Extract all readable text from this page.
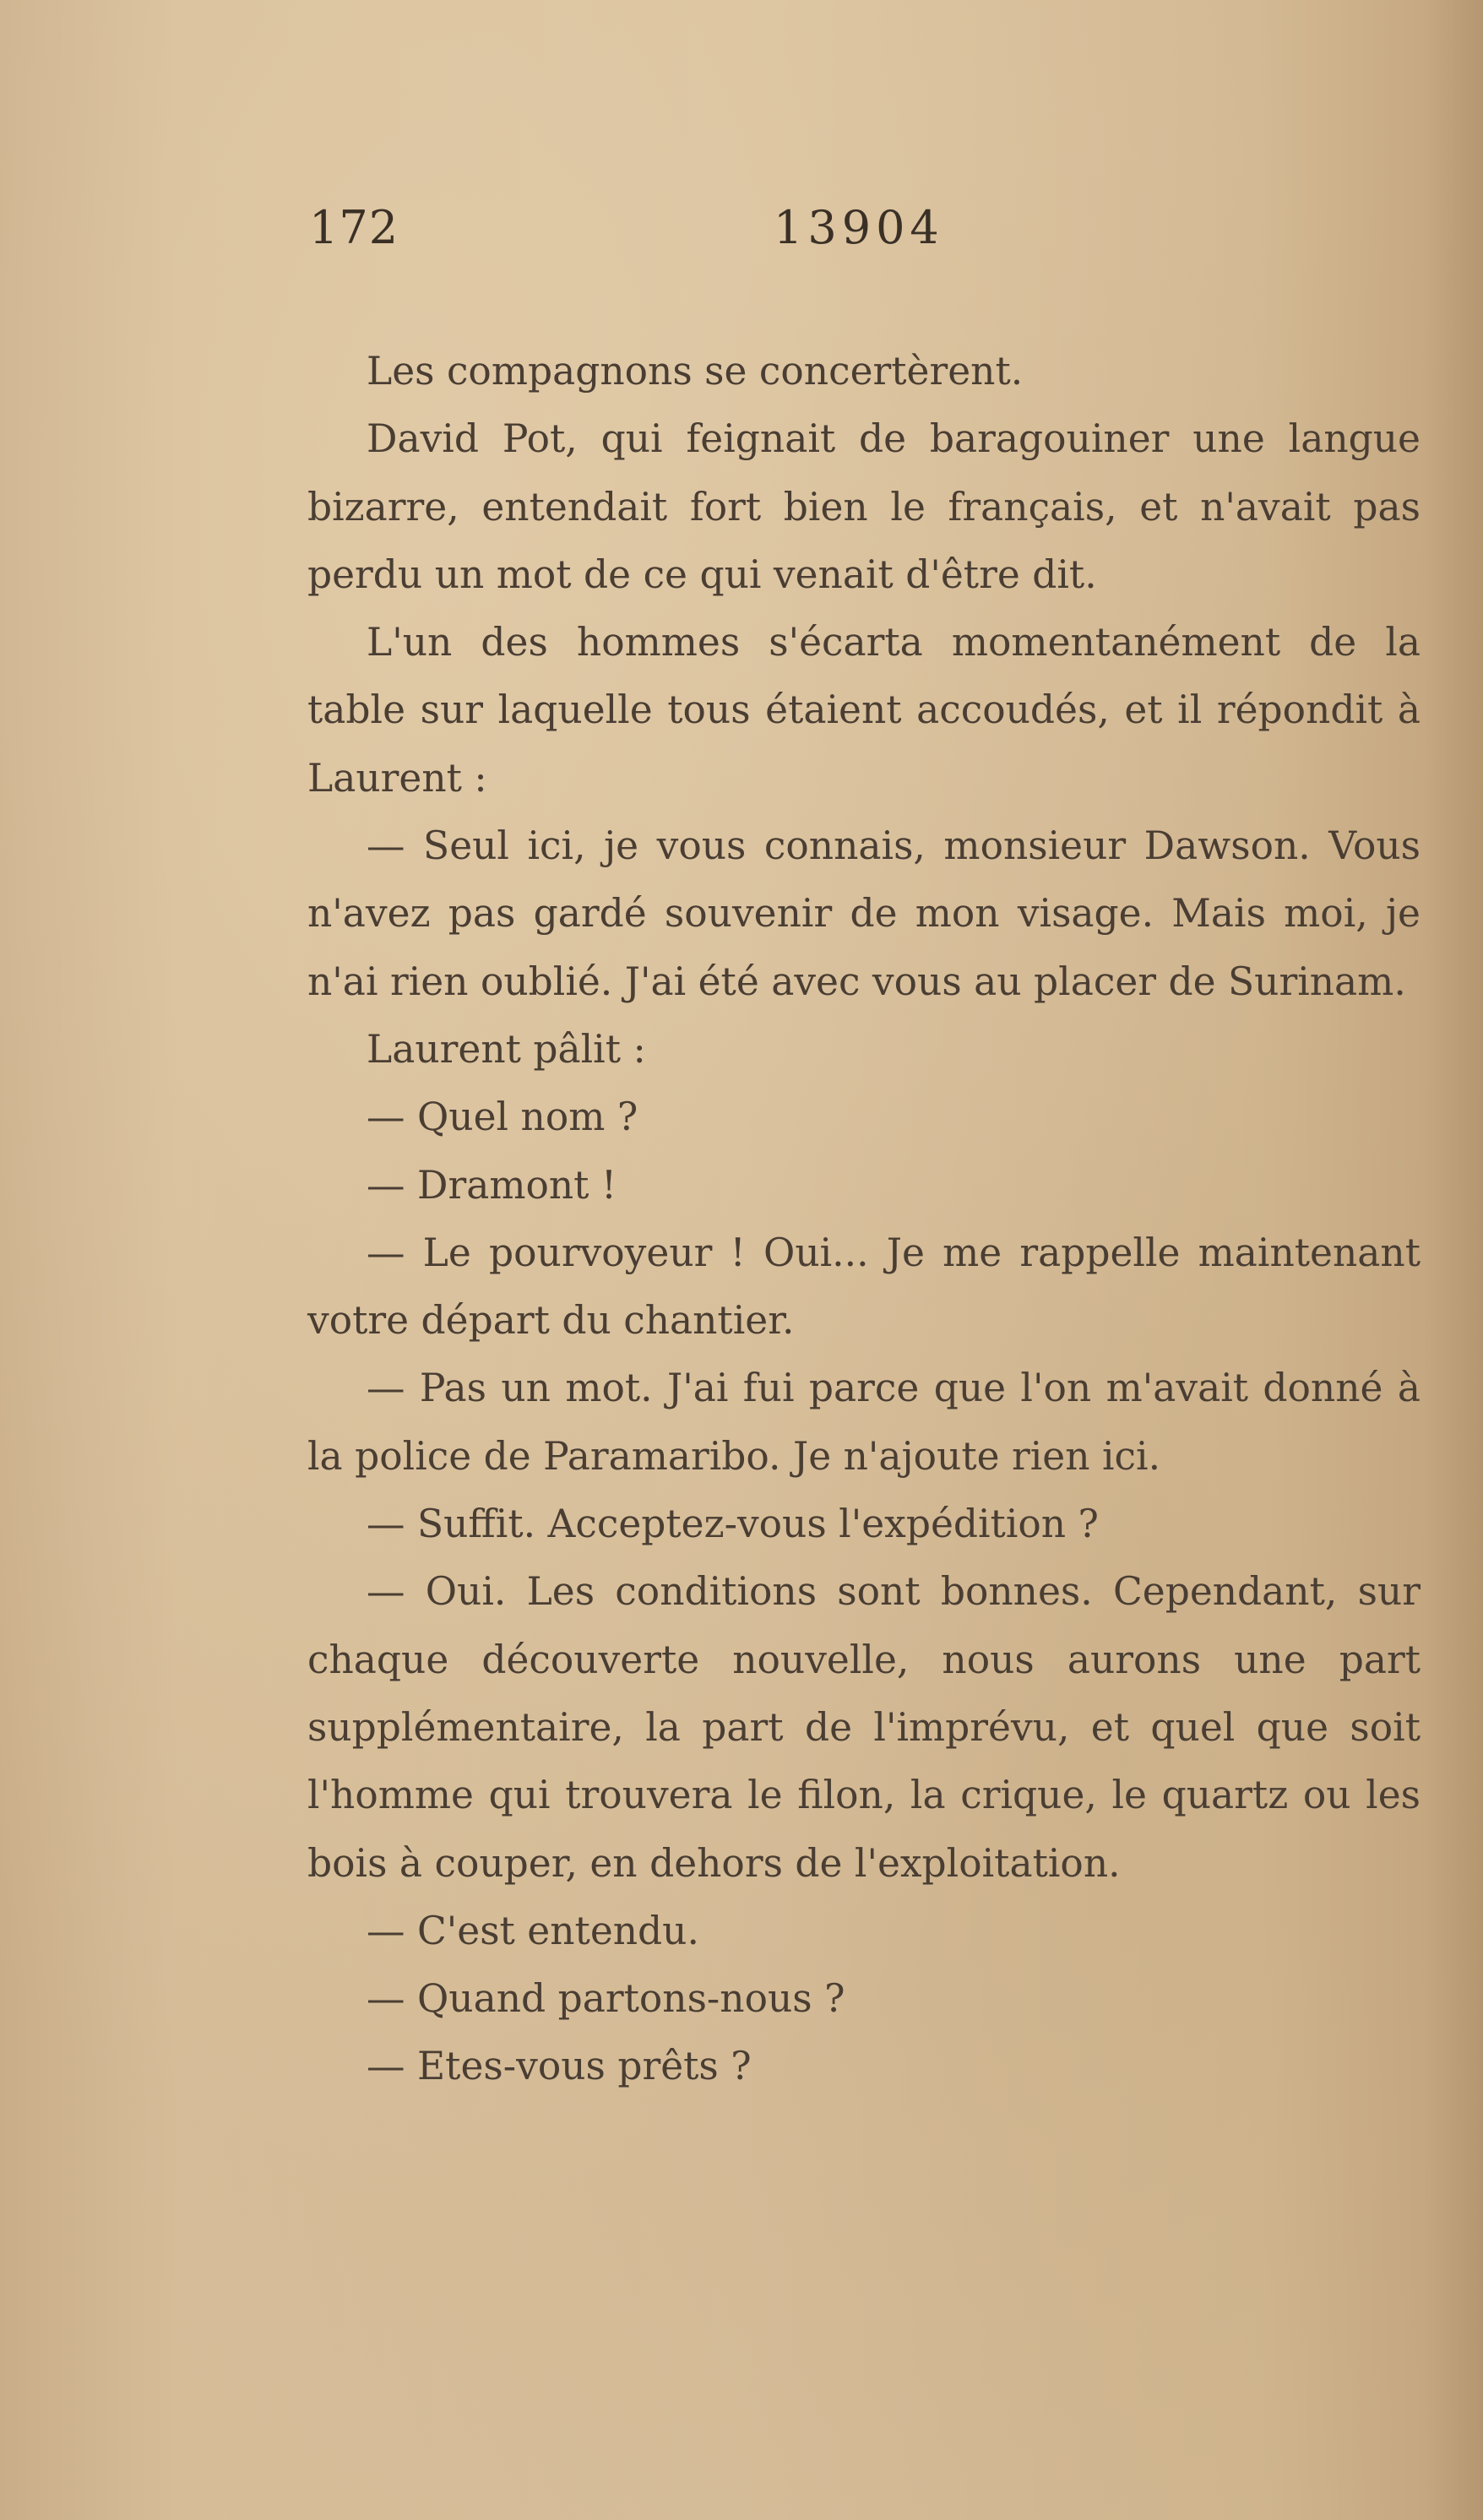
172	13904

Les compagnons se concertèrent.

David Pot, qui feignait de baragouiner une langue bizarre, entendait fort bien le français, et n'avait pas perdu un mot de ce qui venait d'être dit.

L'un des hommes s'écarta momentanément de la table sur laquelle tous étaient accoudés, et il répondit à Laurent :

— Seul ici, je vous connais, monsieur Dawson. Vous n'avez pas gardé souvenir de mon visage. Mais moi, je n'ai rien oublié. J'ai été avec vous au placer de Surinam.

Laurent pâlit :

— Quel nom ?

— Dramont !

— Le pourvoyeur ! Oui... Je me rappelle maintenant votre départ du chantier.

— Pas un mot. J'ai fui parce que l'on m'avait donné à la police de Paramaribo. Je n'ajoute rien ici.

— Suffit. Acceptez-vous l'expédition ?

— Oui. Les conditions sont bonnes. Cependant, sur chaque découverte nouvelle, nous aurons une part supplémentaire, la part de l'imprévu, et quel que soit l'homme qui trouvera le filon, la crique, le quartz ou les bois à couper, en dehors de l'exploitation.

— C'est entendu.

— Quand partons-nous ?

— Etes-vous prêts ?
